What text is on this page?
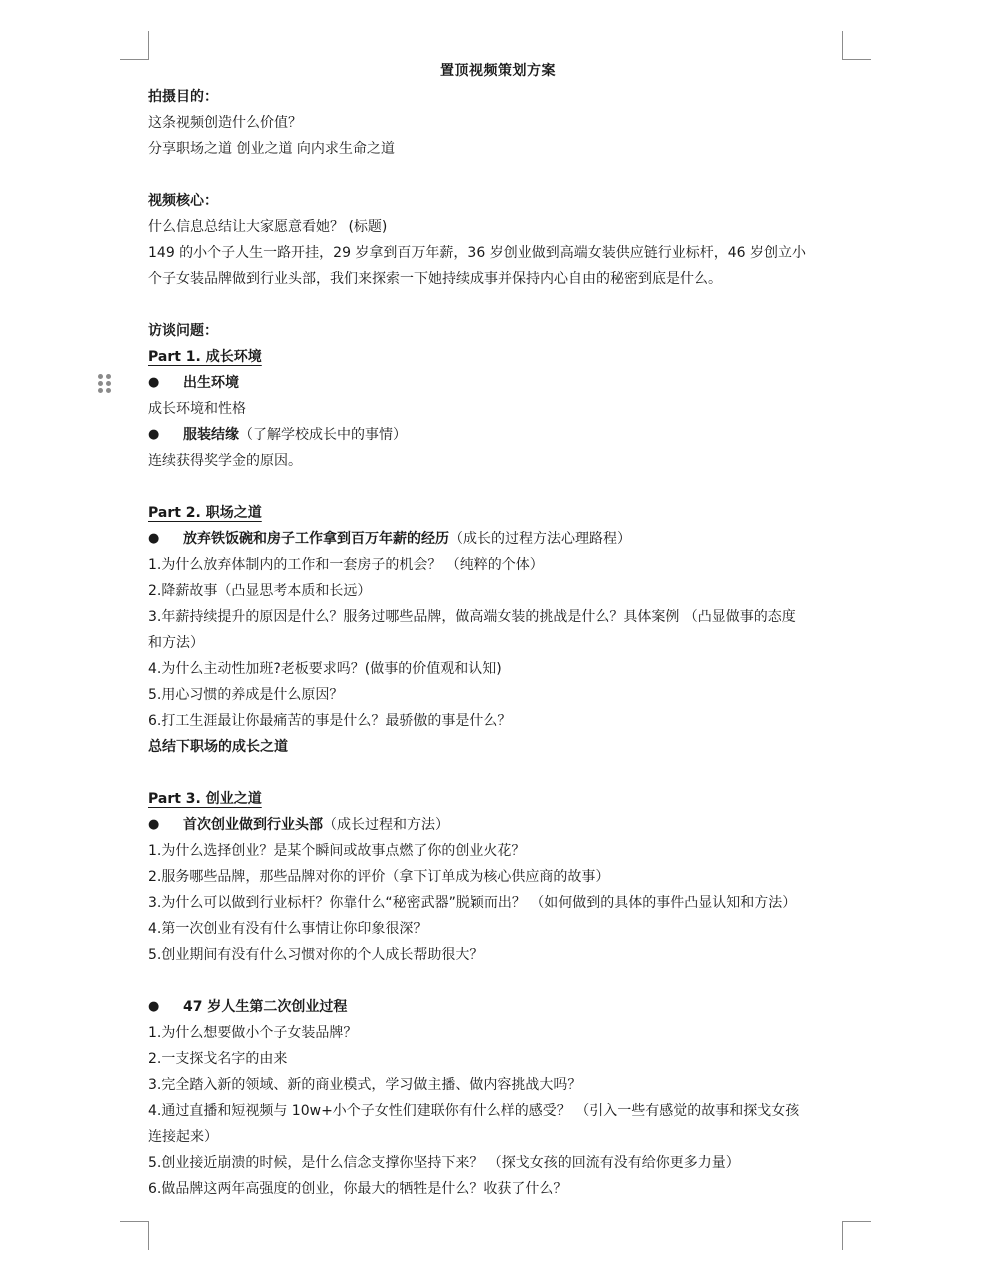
置顶视频策划方案
拍摄目的：
这条视频创造什么价值？
分享职场之道 创业之道 向内求生命之道
视频核心：
什么信息总结让大家愿意看她？ (标题)
149 的小个子人生一路开挂，29 岁拿到百万年薪，36 岁创业做到高端女装供应链行业标杆，46 岁创立小
个子女装品牌做到行业头部，我们来探索一下她持续成事并保持内心自由的秘密到底是什么。
访谈问题：
Part 1. 成长环境
●	出生环境
成长环境和性格
●	服装结缘 （了解学校成长中的事情）
连续获得奖学金的原因。
Part 2. 职场之道
●	放弃铁饭碗和房子工作拿到百万年薪的经历 （成长的过程方法心理路程）
1.为什么放弃体制内的工作和一套房子的机会？ （纯粹的个体）
2.降薪故事（凸显思考本质和长远）
3.年薪持续提升的原因是什么？服务过哪些品牌，做高端女装的挑战是什么？具体案例 （凸显做事的态度
和方法）
4.为什么主动性加班?老板要求吗？(做事的价值观和认知)
5.用心习惯的养成是什么原因？
6.打工生涯最让你最痛苦的事是什么？最骄傲的事是什么？
总结下职场的成长之道
Part 3. 创业之道
●	首次创业做到行业头部 （成长过程和方法）
1.为什么选择创业？是某个瞬间或故事点燃了你的创业火花？
2.服务哪些品牌，那些品牌对你的评价（拿下订单成为核心供应商的故事）
3.为什么可以做到行业标杆？你靠什么“秘密武器”脱颖而出？ （如何做到的具体的事件凸显认知和方法）
4.第一次创业有没有什么事情让你印象很深？
5.创业期间有没有什么习惯对你的个人成长帮助很大？
●	47 岁人生第二次创业过程
1.为什么想要做小个子女装品牌？
2.一支探戈名字的由来
3.完全踏入新的领域、新的商业模式，学习做主播、做内容挑战大吗？
4.通过直播和短视频与 10w+小个子女性们建联你有什么样的感受？ （引入一些有感觉的故事和探戈女孩
连接起来）
5.创业接近崩溃的时候，是什么信念支撑你坚持下来？ （探戈女孩的回流有没有给你更多力量）
6.做品牌这两年高强度的创业，你最大的牺牲是什么？收获了什么？
